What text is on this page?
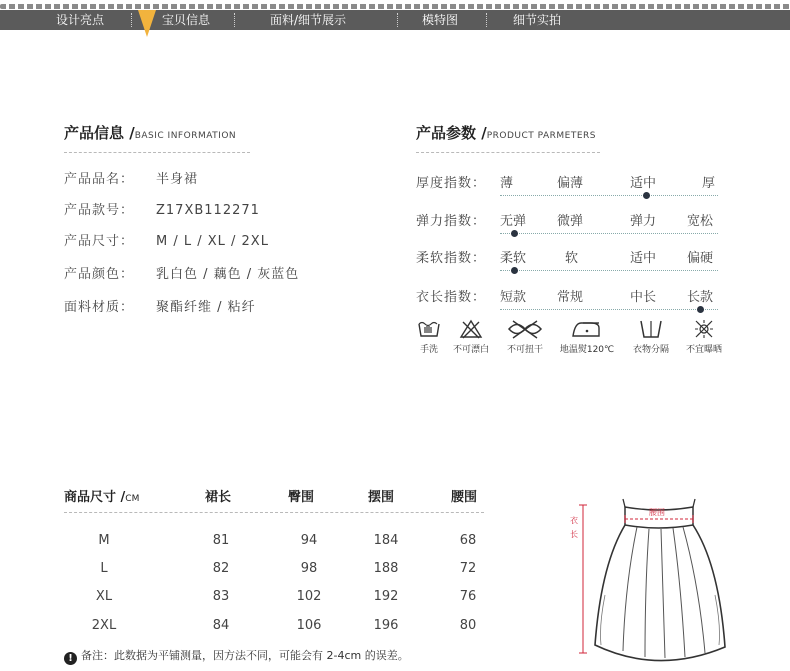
设计亮点	宝贝信息	面料/细节展示	模特图	细节实拍
产品信息 /BASIC INFORMATION
产品品名： 半身裙
产品款号： Z17XB112271
产品尺寸： M / L / XL / 2XL
产品颜色： 乳白色 / 藕色 / 灰蓝色
面料材质： 聚酯纤维 / 粘纤
产品参数 /PRODUCT PARMETERS
厚度指数： 薄	偏薄	适中	厚
弹力指数： 无弹 微弹	弹力 宽松
柔软指数： 柔软	软	适中 偏硬
衣长指数： 短款 常规	中长 长款
手洗	不可漂白	不可扭干	地温熨120℃	衣物分隔	不宜曝晒
商品尺寸 /CM	裙长	臀围	摆围	腰围
M	81	94	184	68
L	82	98	188	72
XL	83	102	192	76
2XL	84	106	196	80
! 备注：此数据为平铺测量，因方法不同，可能会有 2-4cm 的误差。
腰围
衣
长
